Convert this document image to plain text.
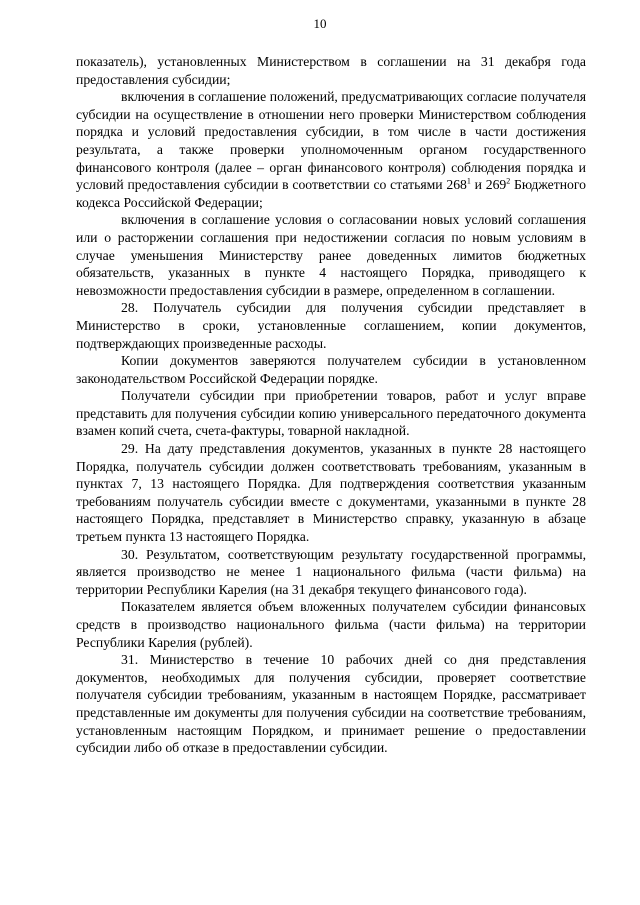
10

показатель), установленных Министерством в соглашении на 31 декабря года предоставления субсидии;

включения в соглашение положений, предусматривающих согласие получателя субсидии на осуществление в отношении него проверки Министерством соблюдения порядка и условий предоставления субсидии, в том числе в части достижения результата, а также проверки уполномоченным органом государственного финансового контроля (далее – орган финансового контроля) соблюдения порядка и условий предоставления субсидии в соответствии со статьями $268^1$ и $269^2$ Бюджетного кодекса Российской Федерации;

включения в соглашение условия о согласовании новых условий соглашения или о расторжении соглашения при недостижении согласия по новым условиям в случае уменьшения Министерству ранее доведенных лимитов бюджетных обязательств, указанных в пункте 4 настоящего Порядка, приводящего к невозможности предоставления субсидии в размере, определенном в соглашении.

28. Получатель субсидии для получения субсидии представляет в Министерство в сроки, установленные соглашением, копии документов, подтверждающих произведенные расходы.

Копии документов заверяются получателем субсидии в установленном законодательством Российской Федерации порядке.

Получатели субсидии при приобретении товаров, работ и услуг вправе представить для получения субсидии копию универсального передаточного документа взамен копий счета, счета-фактуры, товарной накладной.

29. На дату представления документов, указанных в пункте 28 настоящего Порядка, получатель субсидии должен соответствовать требованиям, указанным в пунктах 7, 13 настоящего Порядка. Для подтверждения соответствия указанным требованиям получатель субсидии вместе с документами, указанными в пункте 28 настоящего Порядка, представляет в Министерство справку, указанную в абзаце третьем пункта 13 настоящего Порядка.

30. Результатом, соответствующим результату государственной программы, является производство не менее 1 национального фильма (части фильма) на территории Республики Карелия (на 31 декабря текущего финансового года).

Показателем является объем вложенных получателем субсидии финансовых средств в производство национального фильма (части фильма) на территории Республики Карелия (рублей).

31. Министерство в течение 10 рабочих дней со дня представления документов, необходимых для получения субсидии, проверяет соответствие получателя субсидии требованиям, указанным в настоящем Порядке, рассматривает представленные им документы для получения субсидии на соответствие требованиям, установленным настоящим Порядком, и принимает решение о предоставлении субсидии либо об отказе в предоставлении субсидии.
